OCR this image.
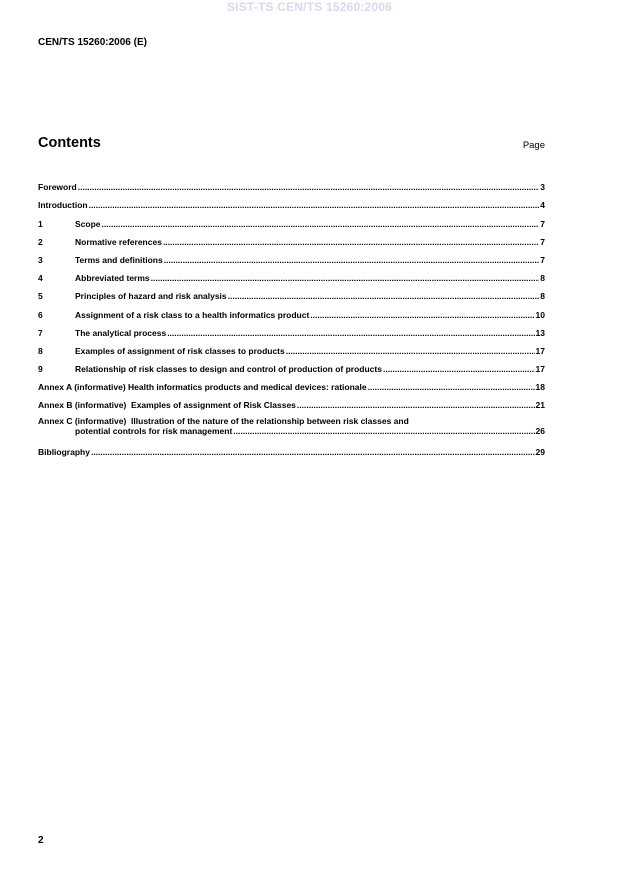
SIST-TS CEN/TS 15260:2006
CEN/TS 15260:2006 (E)
Contents	Page
Foreword .....	3
Introduction .....	4
1	Scope .....	7
2	Normative references .....	7
3	Terms and definitions .....	7
4	Abbreviated terms .....	8
5	Principles of hazard and risk analysis .....	8
6	Assignment of a risk class to a health informatics product .....	10
7	The analytical process .....	13
8	Examples of assignment of risk classes to products .....	17
9	Relationship of risk classes to design and control of production of products .....	17
Annex A (informative) Health informatics products and medical devices: rationale .....	18
Annex B (informative)  Examples of assignment of Risk Classes .....	21
Annex C (informative)  Illustration of the nature of the relationship between risk classes and
potential controls for risk management .....	26
Bibliography .....	29
2
